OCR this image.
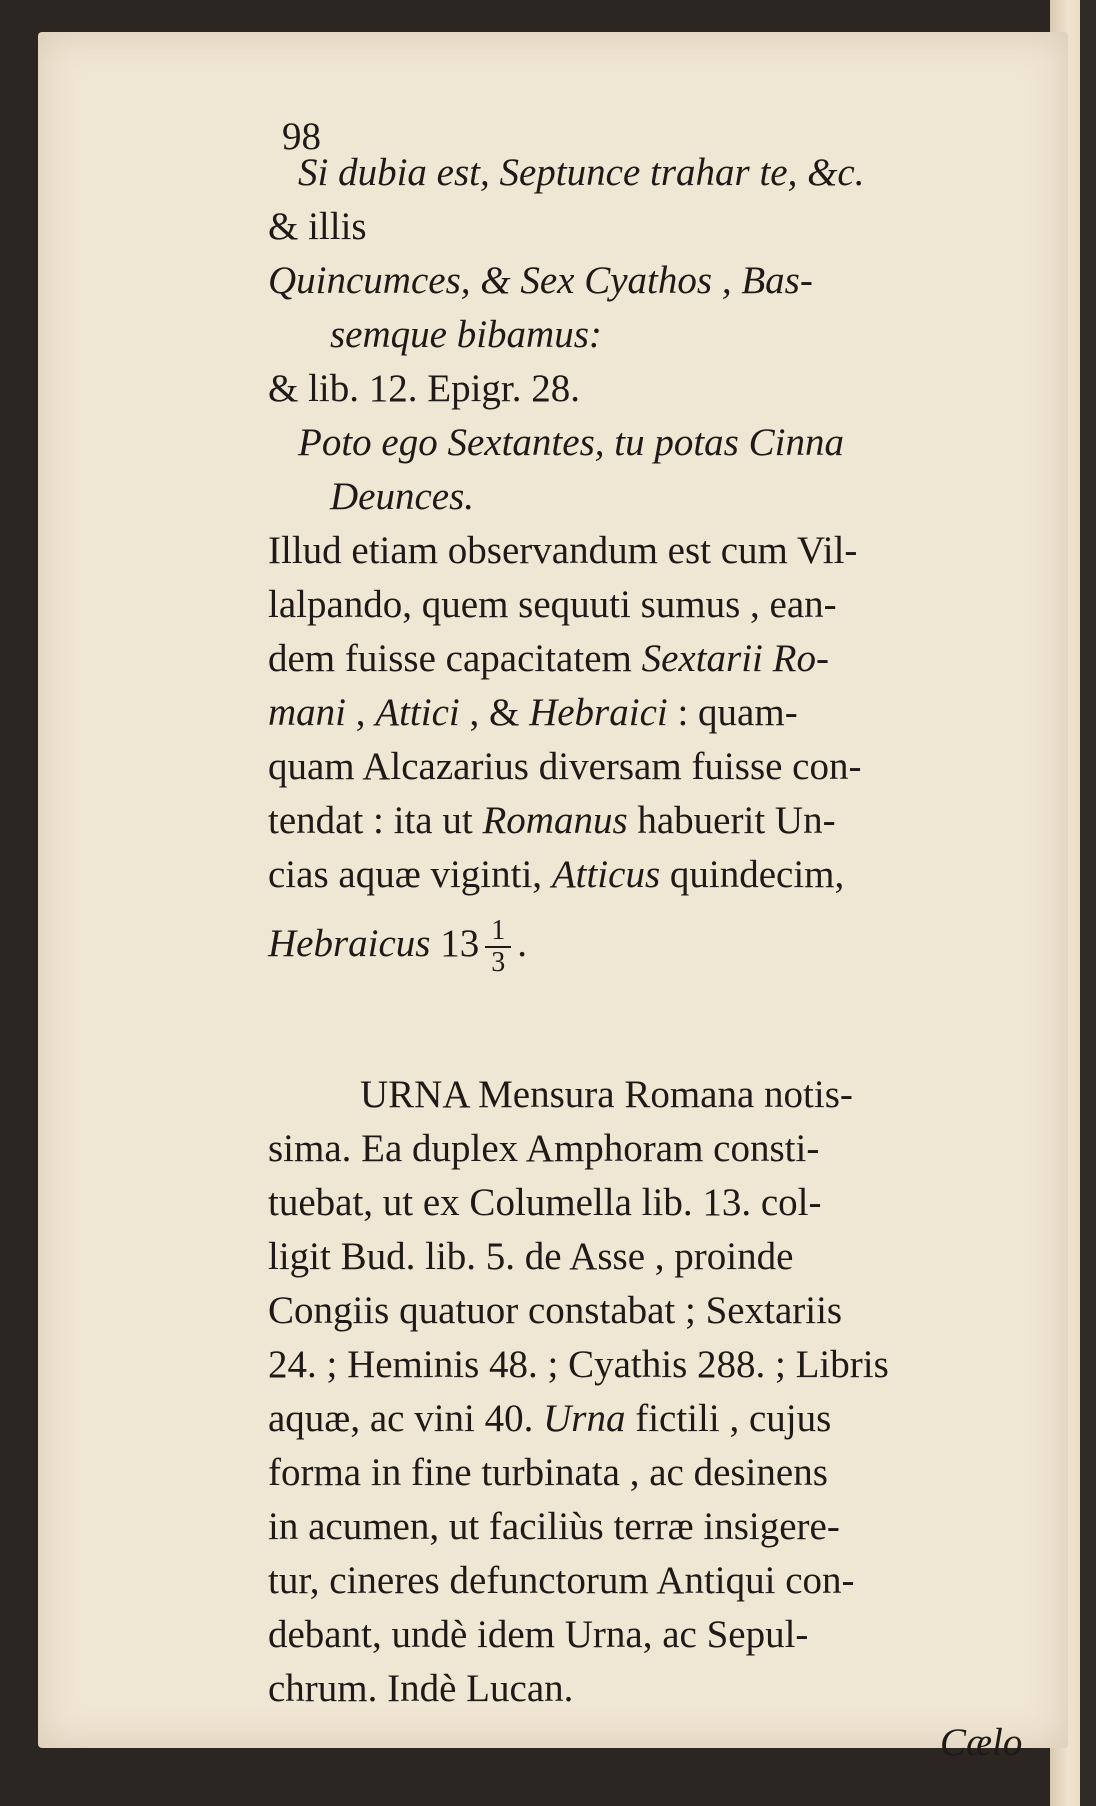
98
Si dubia est, Septunce trahar te, &c.
& illis
Quincumces, & Sex Cyathos , Bas-
semque bibamus:
& lib. 12. Epigr. 28.
Poto ego Sextantes, tu potas Cinna
Deunces.
Illud etiam observandum est cum Vil-
lalpando, quem sequuti sumus , ean-
dem fuisse capacitatem Sextarii Ro-
mani , Attici , & Hebraici : quam-
quam Alcazarius diversam fuisse con-
tendat : ita ut Romanus habuerit Un-
cias aquæ viginti, Atticus quindecim,
Hebraicus $13 \frac{1}{3}$ .
URNA Mensura Romana notis-
sima. Ea duplex Amphoram consti-
tuebat, ut ex Columella lib. 13. col-
ligit Bud. lib. 5. de Asse , proinde
Congiis quatuor constabat ; Sextariis
24. ; Heminis 48. ; Cyathis 288. ; Libris
aquæ, ac vini 40. Urna fictili , cujus
forma in fine turbinata , ac desinens
in acumen, ut faciliùs terræ insigere-
tur, cineres defunctorum Antiqui con-
debant, undè idem Urna, ac Sepul-
chrum. Indè Lucan.
Cælo
